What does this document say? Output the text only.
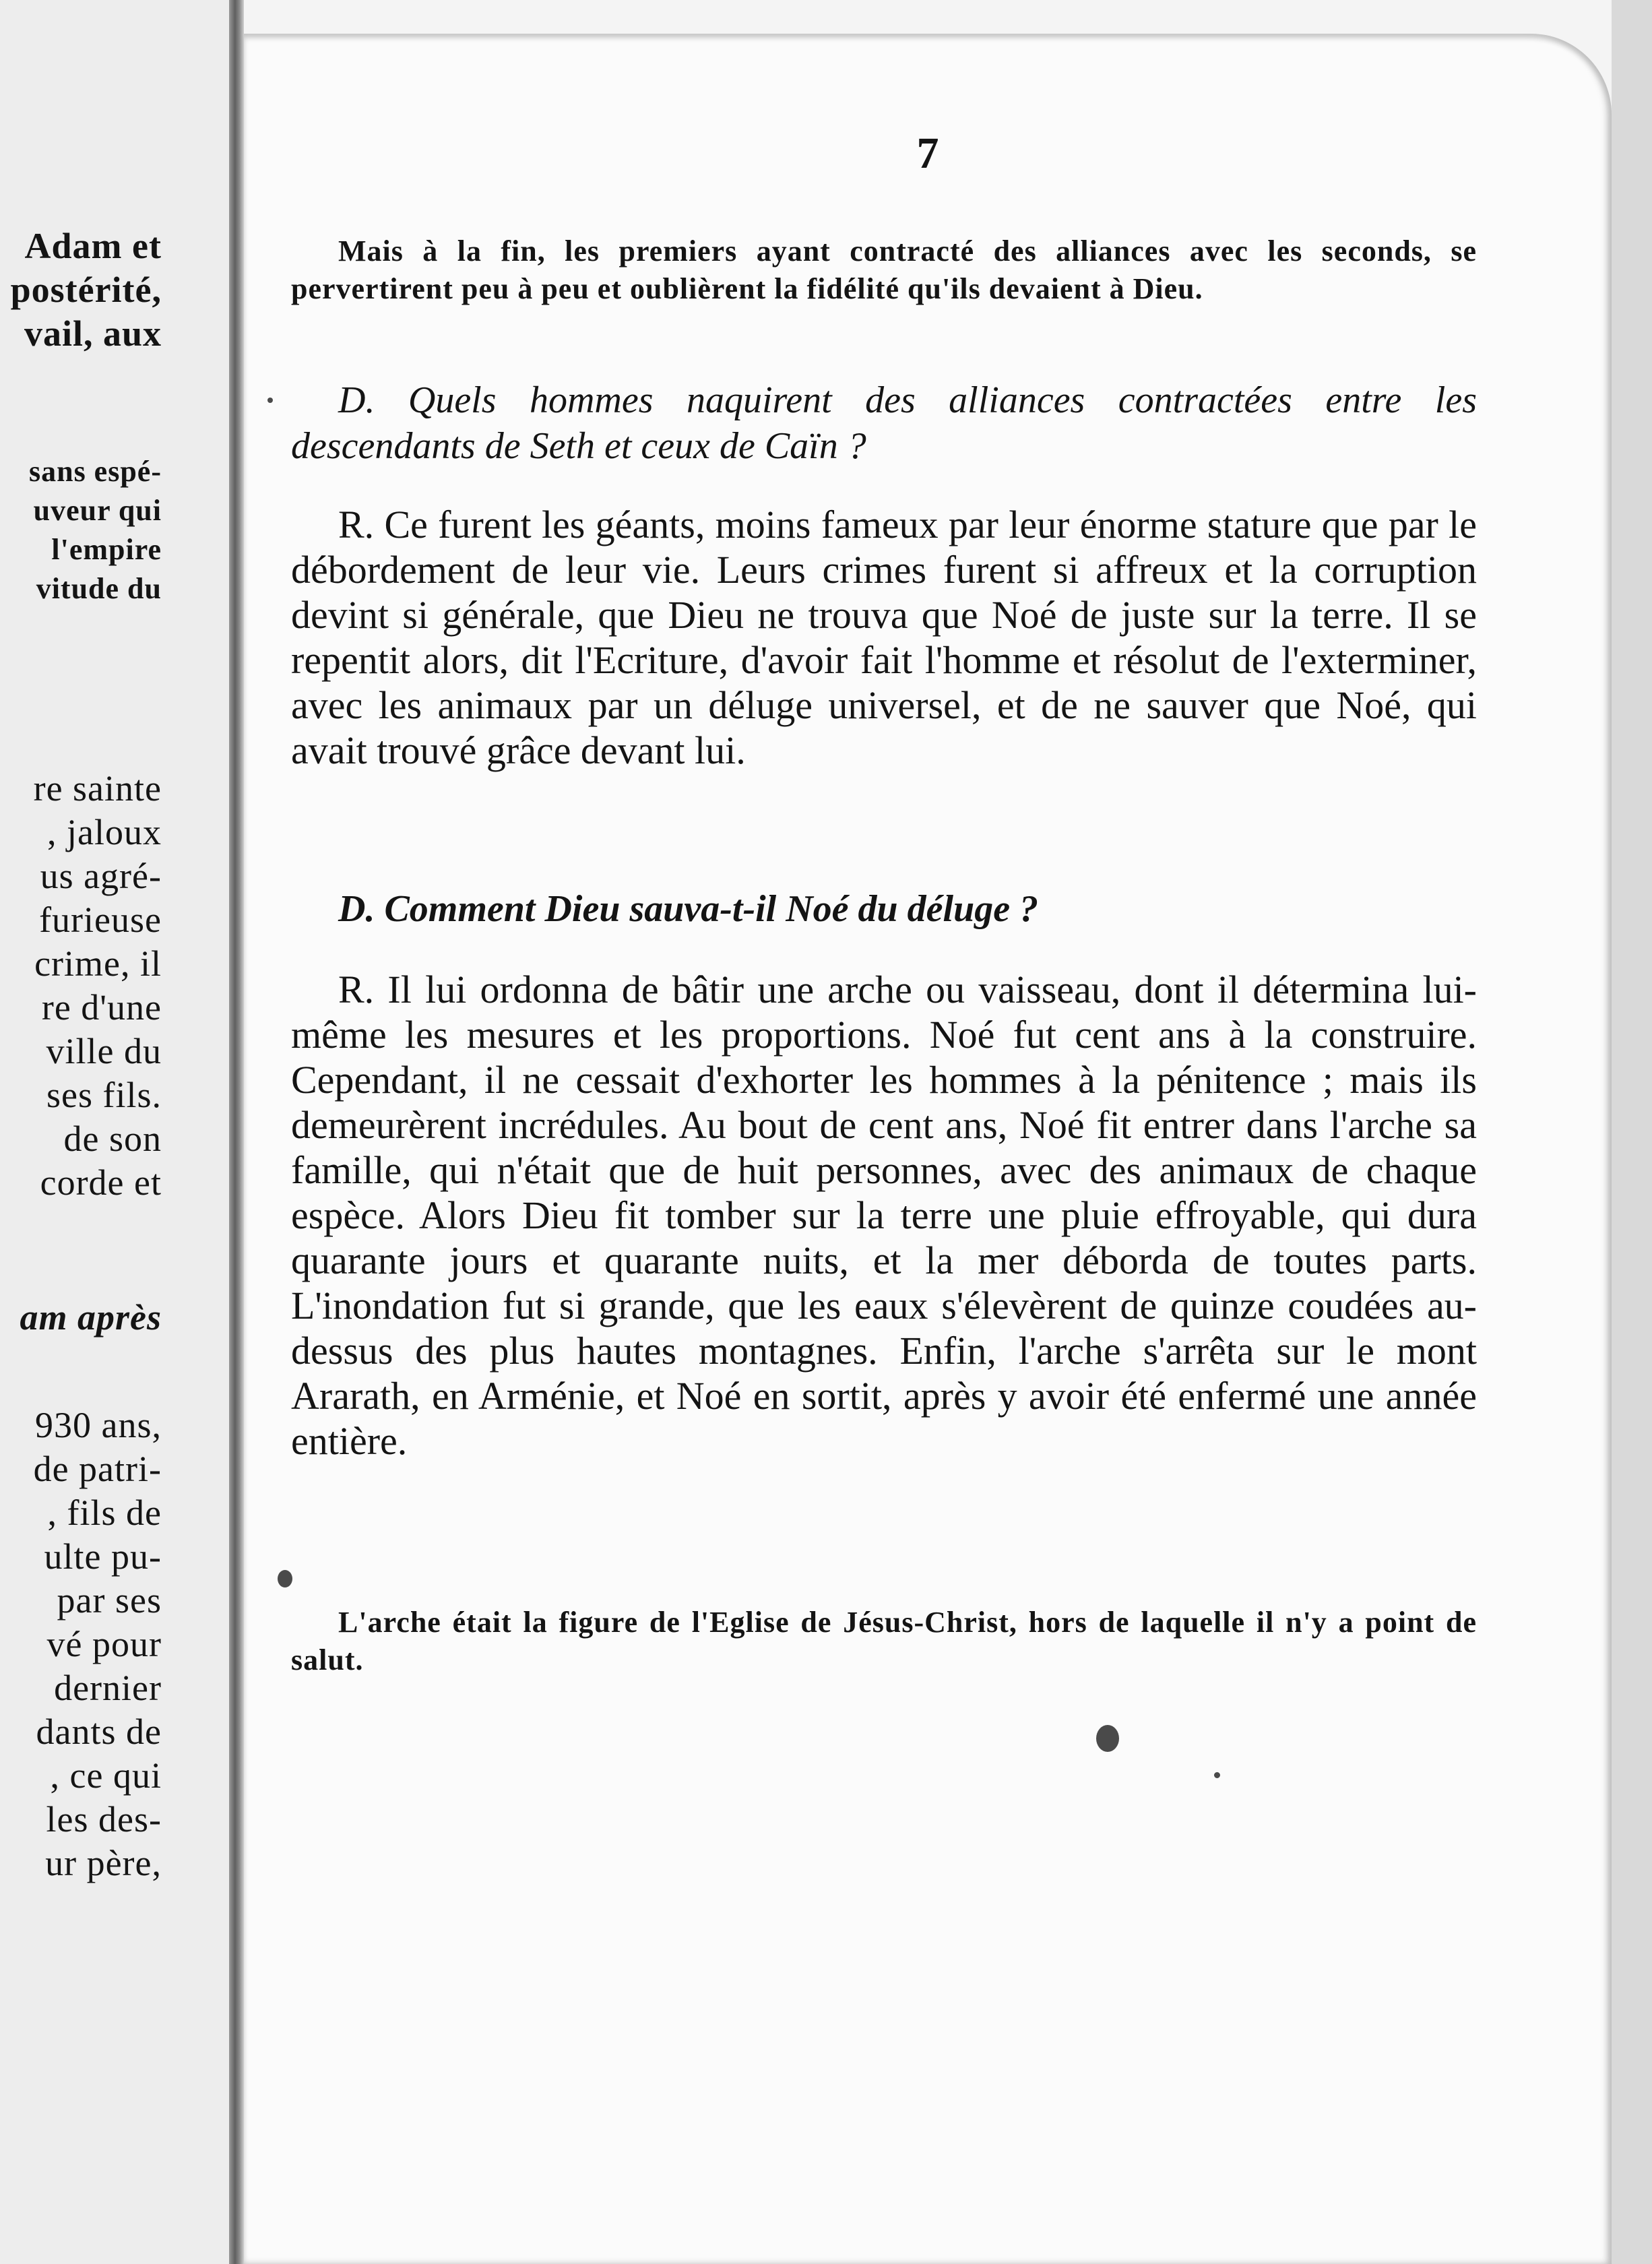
Adam et
postérité,
vail, aux
sans espé-
uveur qui
l'empire
vitude du
re sainte
, jaloux
us agré-
furieuse
crime, il
re d'une
ville du
ses fils.
de son
corde et
am après
930 ans,
de patri-
, fils de
ulte pu-
par ses
vé pour
dernier
dants de
, ce qui
les des-
ur père,
7

Mais à la fin, les premiers ayant contracté des alliances avec les seconds, se pervertirent peu à peu et oublièrent la fidélité qu'ils devaient à Dieu.

D. Quels hommes naquirent des alliances contractées entre les descendants de Seth et ceux de Caïn ?

R. Ce furent les géants, moins fameux par leur énorme stature que par le débordement de leur vie. Leurs crimes furent si affreux et la corruption devint si générale, que Dieu ne trouva que Noé de juste sur la terre. Il se repentit alors, dit l'Ecriture, d'avoir fait l'homme et résolut de l'exterminer, avec les animaux par un déluge universel, et de ne sauver que Noé, qui avait trouvé grâce devant lui.

D. Comment Dieu sauva-t-il Noé du déluge ?

R. Il lui ordonna de bâtir une arche ou vaisseau, dont il détermina lui-même les mesures et les proportions. Noé fut cent ans à la construire. Cependant, il ne cessait d'exhorter les hommes à la pénitence ; mais ils demeurèrent incrédules. Au bout de cent ans, Noé fit entrer dans l'arche sa famille, qui n'était que de huit personnes, avec des animaux de chaque espèce. Alors Dieu fit tomber sur la terre une pluie effroyable, qui dura quarante jours et quarante nuits, et la mer déborda de toutes parts. L'inondation fut si grande, que les eaux s'élevèrent de quinze coudées au-dessus des plus hautes montagnes. Enfin, l'arche s'arrêta sur le mont Ararath, en Arménie, et Noé en sortit, après y avoir été enfermé une année entière.

L'arche était la figure de l'Eglise de Jésus-Christ, hors de laquelle il n'y a point de salut.
